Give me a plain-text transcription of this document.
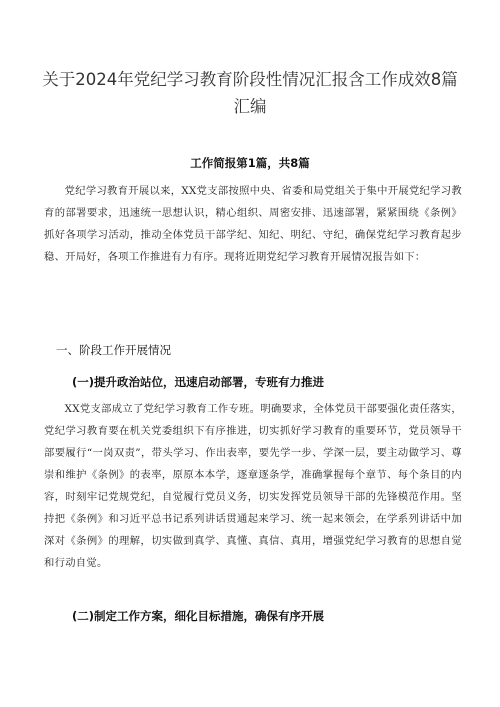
关于2024年党纪学习教育阶段性情况汇报含工作成效8篇汇编
工作简报第1篇，共8篇
党纪学习教育开展以来，XX党支部按照中央、省委和局党组关于集中开展党纪学习教育的部署要求，迅速统一思想认识，精心组织、周密安排、迅速部署，紧紧围绕《条例》抓好各项学习活动，推动全体党员干部学纪、知纪、明纪、守纪，确保党纪学习教育起步稳、开局好，各项工作推进有力有序。现将近期党纪学习教育开展情况报告如下：
一、阶段工作开展情况
(一)提升政治站位，迅速启动部署，专班有力推进
XX党支部成立了党纪学习教育工作专班。明确要求，全体党员干部要强化责任落实，党纪学习教育要在机关党委组织下有序推进，切实抓好学习教育的重要环节，党员领导干部要履行“一岗双责”，带头学习、作出表率，要先学一步、学深一层，要主动做学习、尊崇和维护《条例》的表率，原原本本学，逐章逐条学，准确掌握每个章节、每个条目的内容，时刻牢记党规党纪，自觉履行党员义务，切实发挥党员领导干部的先锋模范作用。坚持把《条例》和习近平总书记系列讲话贯通起来学习、统一起来领会，在学系列讲话中加深对《条例》的理解，切实做到真学、真懂、真信、真用，增强党纪学习教育的思想自觉和行动自觉。
(二)制定工作方案，细化目标措施，确保有序开展
